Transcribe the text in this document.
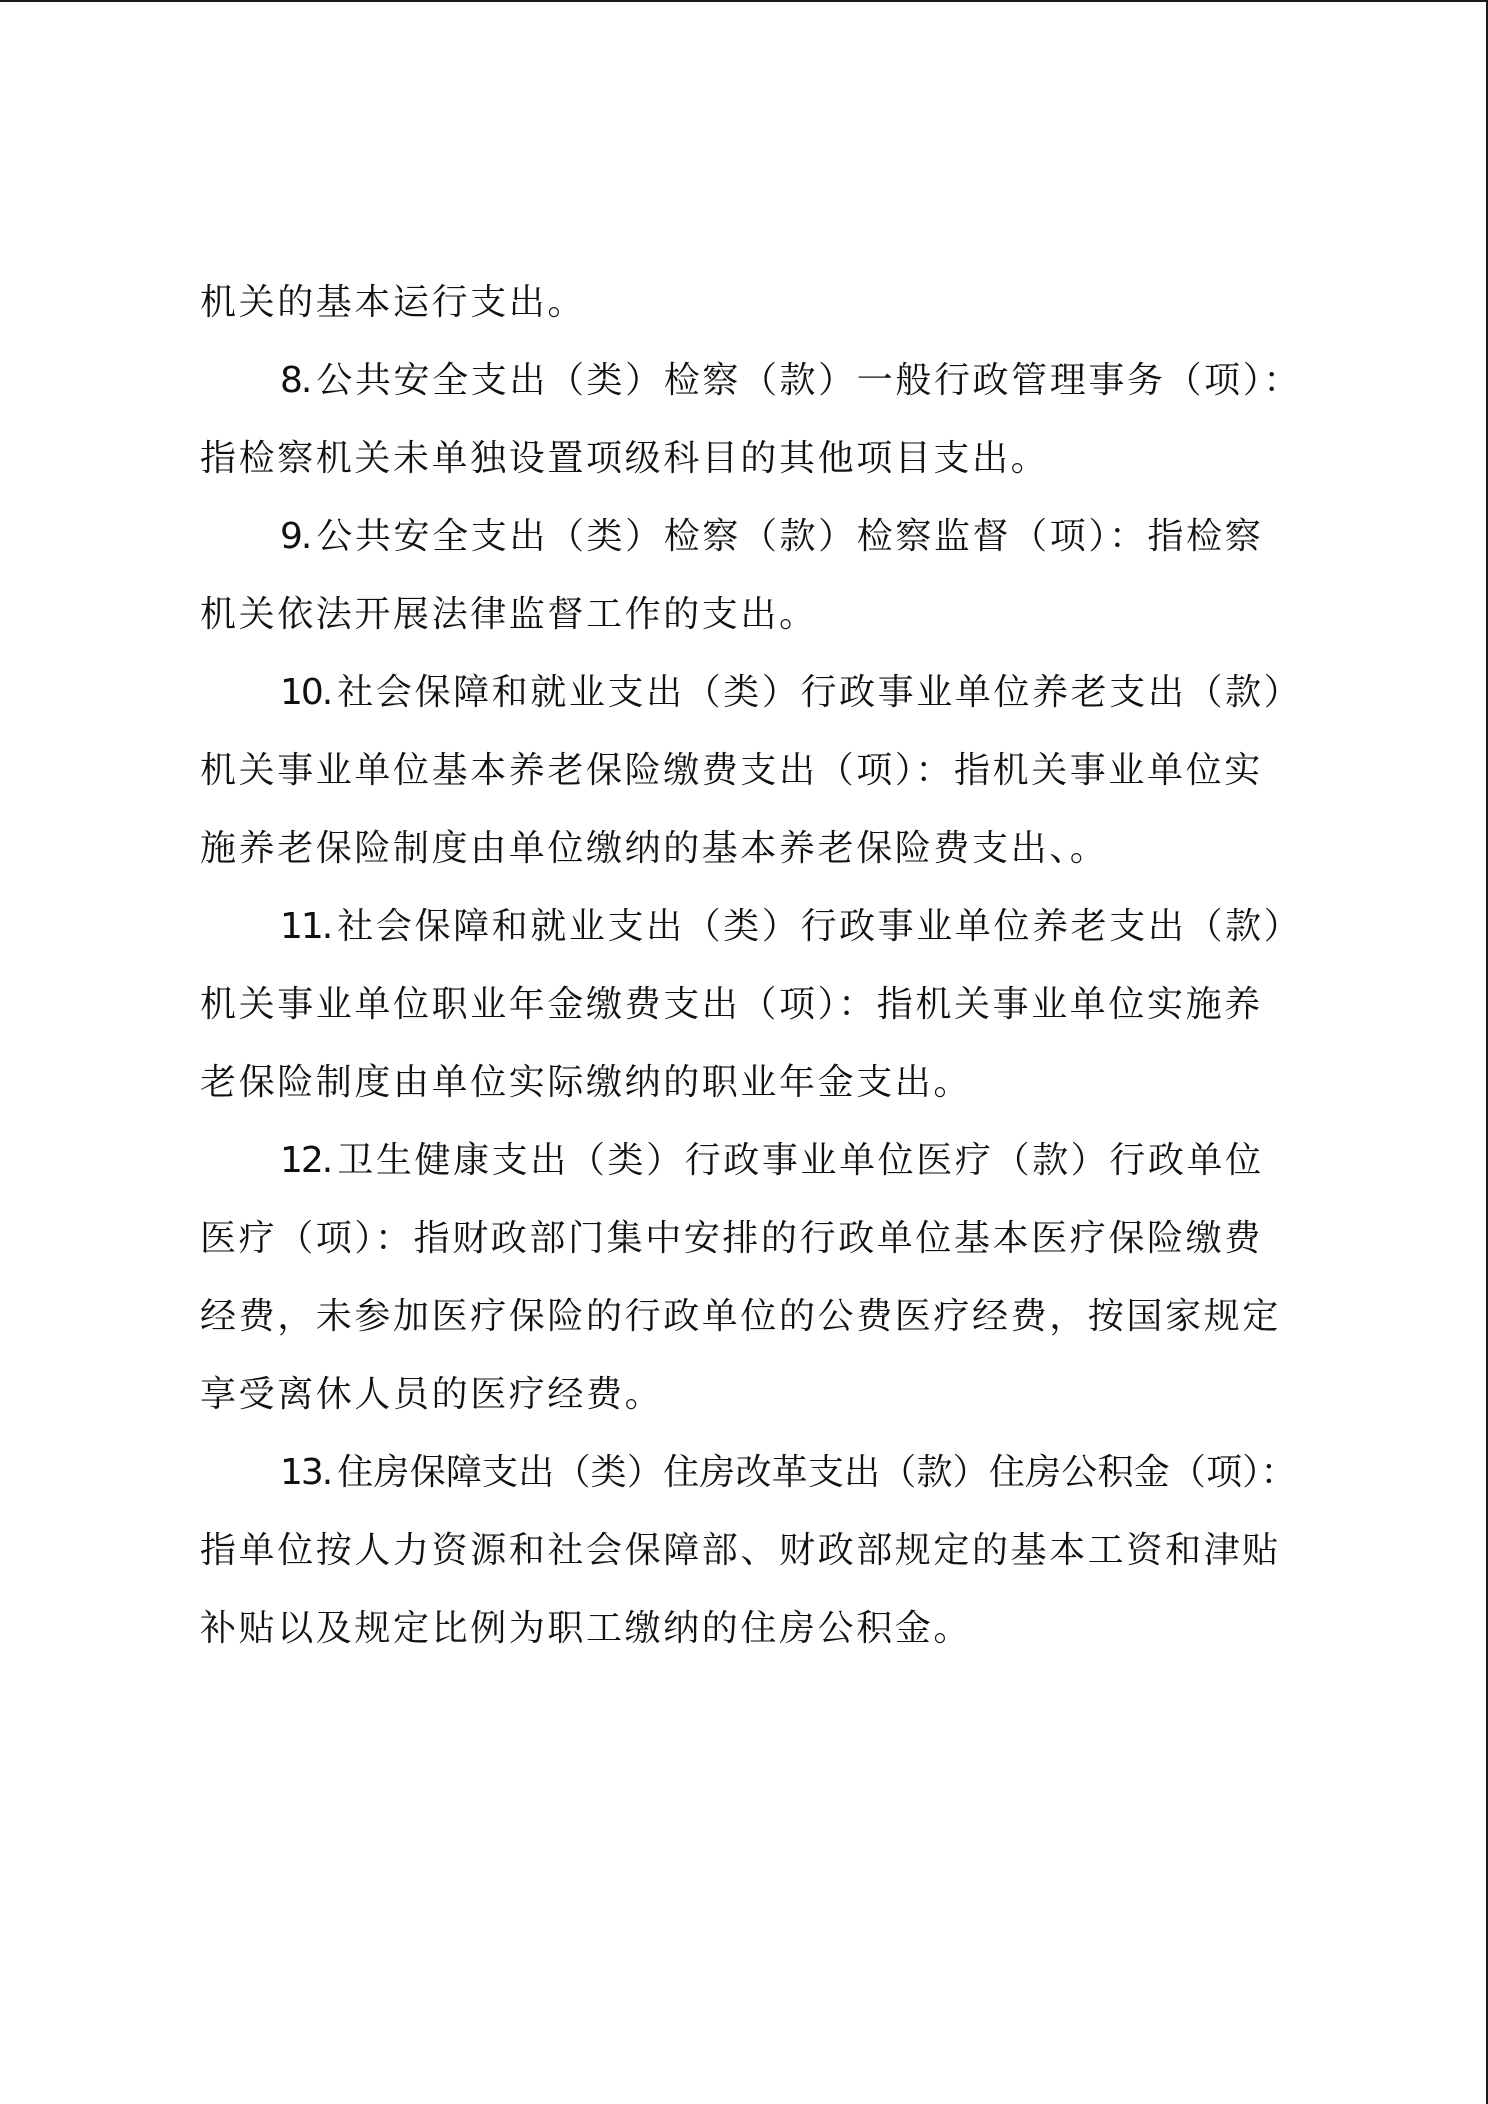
机关的基本运行支出。
8. 公共安全支出（类）检察（款）一般行政管理事务（项）：
指检察机关未单独设置项级科目的其他项目支出。
9. 公共安全支出（类）检察（款）检察监督（项）：指检察
机关依法开展法律监督工作的支出。
10. 社会保障和就业支出（类）行政事业单位养老支出（款）
机关事业单位基本养老保险缴费支出（项）：指机关事业单位实
施养老保险制度由单位缴纳的基本养老保险费支出、。
11. 社会保障和就业支出（类）行政事业单位养老支出（款）
机关事业单位职业年金缴费支出（项）：指机关事业单位实施养
老保险制度由单位实际缴纳的职业年金支出。
12. 卫生健康支出（类）行政事业单位医疗（款）行政单位
医疗（项）：指财政部门集中安排的行政单位基本医疗保险缴费
经费，未参加医疗保险的行政单位的公费医疗经费，按国家规定
享受离休人员的医疗经费。
13. 住房保障支出（类）住房改革支出（款）住房公积金（项）：
指单位按人力资源和社会保障部、财政部规定的基本工资和津贴
补贴以及规定比例为职工缴纳的住房公积金。
